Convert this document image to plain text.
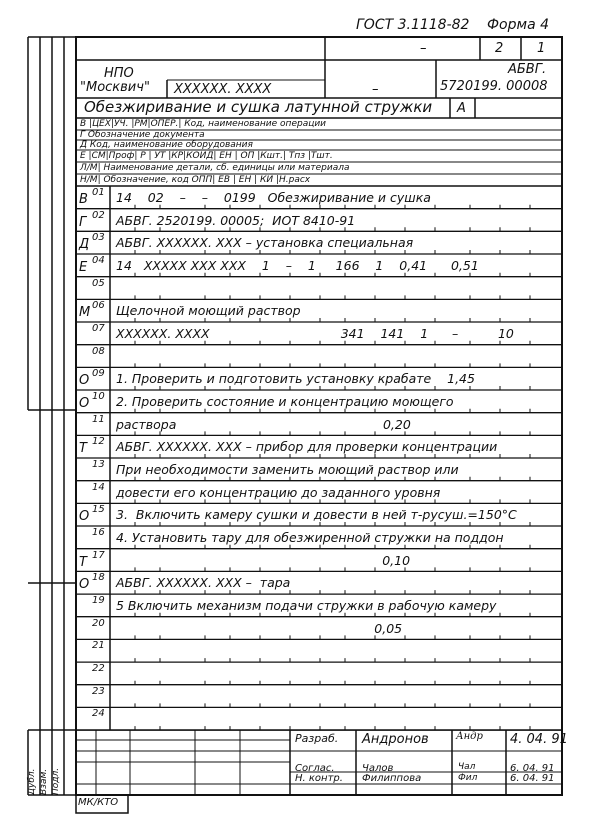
ГОСТ 3.1118-82 Форма 4
–	2	1
НПО
"Москвич" XXXXXX. XXXX	–
АБВГ.
5720199. 00008
Обезжиривание и сушка латунной стружки А
В |ЦЕХ|УЧ. |РМ|ОПЕР.| Код, наименование операции
Г Обозначение документа
Д Код, наименование оборудования
Е |СМ|Проф| Р | УТ |КР|КОИД| ЕН | ОП |Кшт.| Тпз |Тшт.
Л/М| Наименование детали, сб. единицы или материала
Н/М| Обозначение, код ОПП| ЕВ | ЕН | КИ |Н.расх
В 01 14    02    –    –    0199   Обезжиривание и сушка
Г 02 АБВГ. 2520199. 00005;  ИОТ 8410-91
Д 03 АБВГ. XXXXXX. XXX – установка специальная
Е 04 14   XXXXX XXX XXX    1    –    1     166    1    0,41      0,51
05
М 06 Щелочной моющий раствор
07 XXXXXX. XXXX                                 341    141    1      –          10
08
О 09 1. Проверить и подготовить установку крабате    1,45
О 10 2. Проверить состояние и концентрацию моющего
11 раствора                                                    0,20
Т 12 АБВГ. XXXXXX. XXX – прибор для проверки концентрации
13 При необходимости заменить моющий раствор или
14 довести его концентрацию до заданного уровня
О 15 3.  Включить камеру сушки и довести в ней т-русуш.=150°С
16 4. Установить тару для обезжиренной стружки на поддон
Т 17 0,10
О 18 АБВГ. XXXXXX. XXX –  тара
19 5 Включить механизм подачи стружки в рабочую камеру
20 0,05
21
22
23
24
Разраб. Андронов	Андр 4. 04. 91
Соглас.	Чалов	Чал	6. 04. 91
Н. контр. Филиппова	Фил	6. 04. 91
Дубл. Взам. Подл.
МК/КТО
